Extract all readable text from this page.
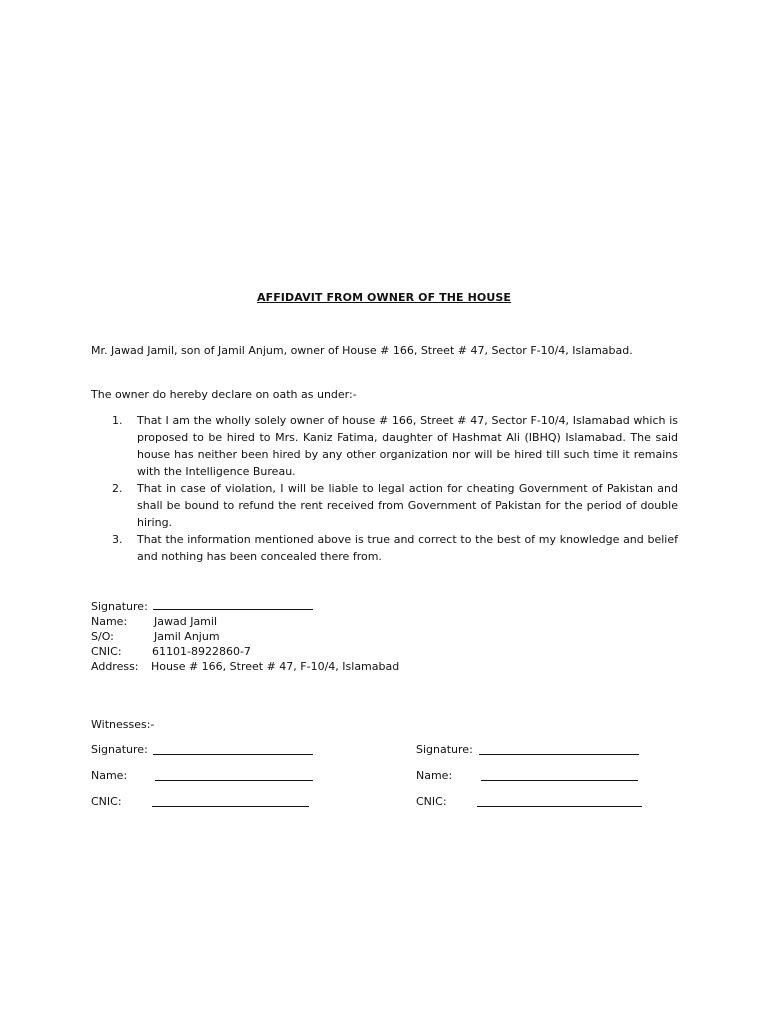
AFFIDAVIT FROM OWNER OF THE HOUSE
Mr. Jawad Jamil, son of Jamil Anjum, owner of House # 166, Street # 47, Sector F-10/4, Islamabad.
The owner do hereby declare on oath as under:-
1. That I am the wholly solely owner of house # 166, Street # 47, Sector F-10/4, Islamabad which is proposed to be hired to Mrs. Kaniz Fatima, daughter of Hashmat Ali (IBHQ) Islamabad. The said house has neither been hired by any other organization nor will be hired till such time it remains with the Intelligence Bureau.
2. That in case of violation, I will be liable to legal action for cheating Government of Pakistan and shall be bound to refund the rent received from Government of Pakistan for the period of double hiring.
3. That the information mentioned above is true and correct to the best of my knowledge and belief and nothing has been concealed there from.
Signature:
Name: Jawad Jamil
S/O:	Jamil Anjum
CNIC:	61101-8922860-7
Address: House # 166, Street # 47, F-10/4, Islamabad
Witnesses:-
Signature:
Name:
CNIC:
Signature:
Name:
CNIC:
